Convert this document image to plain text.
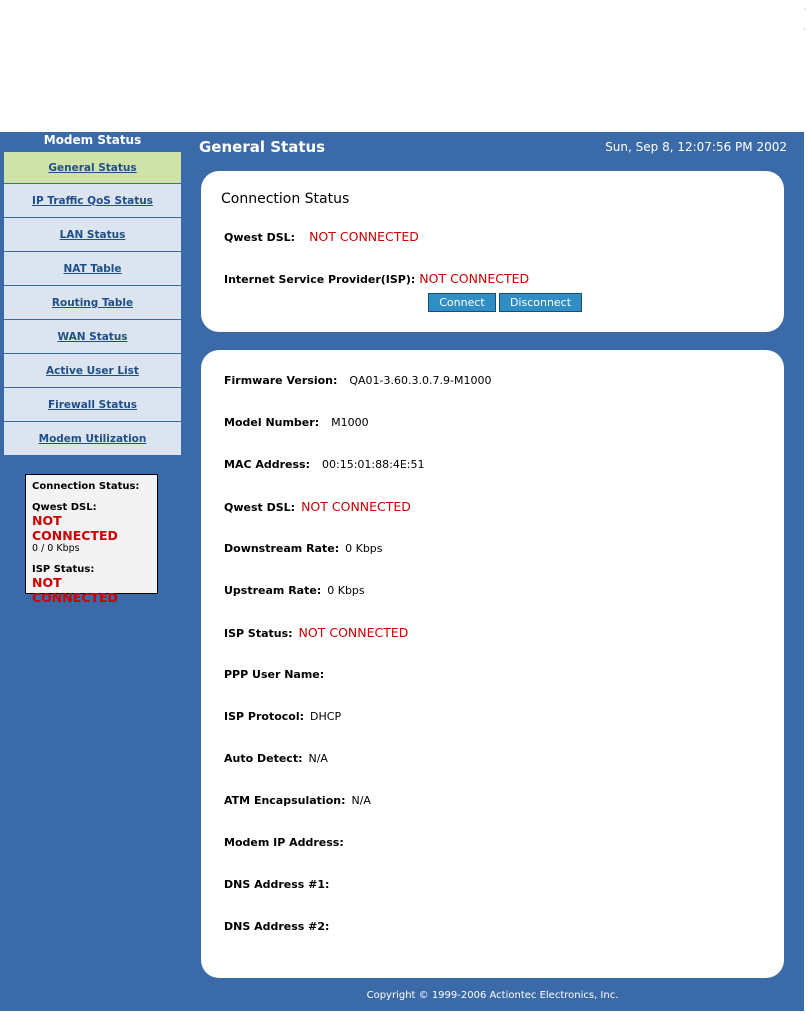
·
·
Modem Status
General Status
IP Traffic QoS Status
LAN Status
NAT Table
Routing Table
WAN Status
Active User List
Firewall Status
Modem Utilization
Connection Status:
Qwest DSL:
NOT CONNECTED
0 / 0 Kbps
ISP Status:
NOT CONNECTED
General Status	Sun, Sep 8, 12:07:56 PM 2002
Connection Status
Qwest DSL: NOT CONNECTED
Internet Service Provider(ISP): NOT CONNECTED
Connect	Disconnect
Firmware Version: QA01-3.60.3.0.7.9-M1000
Model Number: M1000
MAC Address: 00:15:01:88:4E:51
Qwest DSL: NOT CONNECTED
Downstream Rate: 0 Kbps
Upstream Rate: 0 Kbps
ISP Status: NOT CONNECTED
PPP User Name:
ISP Protocol: DHCP
Auto Detect: N/A
ATM Encapsulation: N/A
Modem IP Address:
DNS Address #1:
DNS Address #2:
Copyright © 1999-2006 Actiontec Electronics, Inc.
